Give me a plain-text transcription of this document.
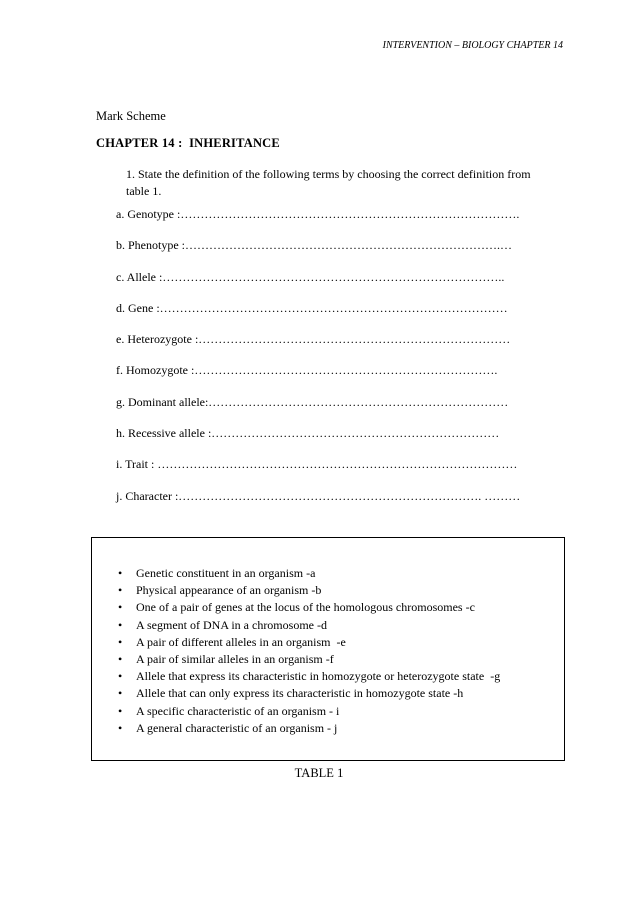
INTERVENTION – BIOLOGY CHAPTER 14
Mark Scheme
CHAPTER 14 :  INHERITANCE
1. State the definition of the following terms by choosing the correct definition from table 1.
a. Genotype :………………………………………………………………………….
b. Phenotype :…………………………………………………………………….…
c. Allele :…………………………………………………………………………..
d. Gene :……………………………………………………………………………
e. Heterozygote :……………………………………………………………………
f. Homozygote :………………………………………………………………….
g. Dominant allele:…………………………………………………………………
h. Recessive allele :………………………………………………………………
i. Trait : ………………………………………………………………………………
j. Character :…………………………………………………………………. ………
• Genetic constituent in an organism -a
• Physical appearance of an organism -b
• One of a pair of genes at the locus of the homologous chromosomes -c
• A segment of DNA in a chromosome -d
• A pair of different alleles in an organism  -e
• A pair of similar alleles in an organism -f
• Allele that express its characteristic in homozygote or heterozygote state  -g
• Allele that can only express its characteristic in homozygote state -h
• A specific characteristic of an organism - i
• A general characteristic of an organism - j
TABLE 1
